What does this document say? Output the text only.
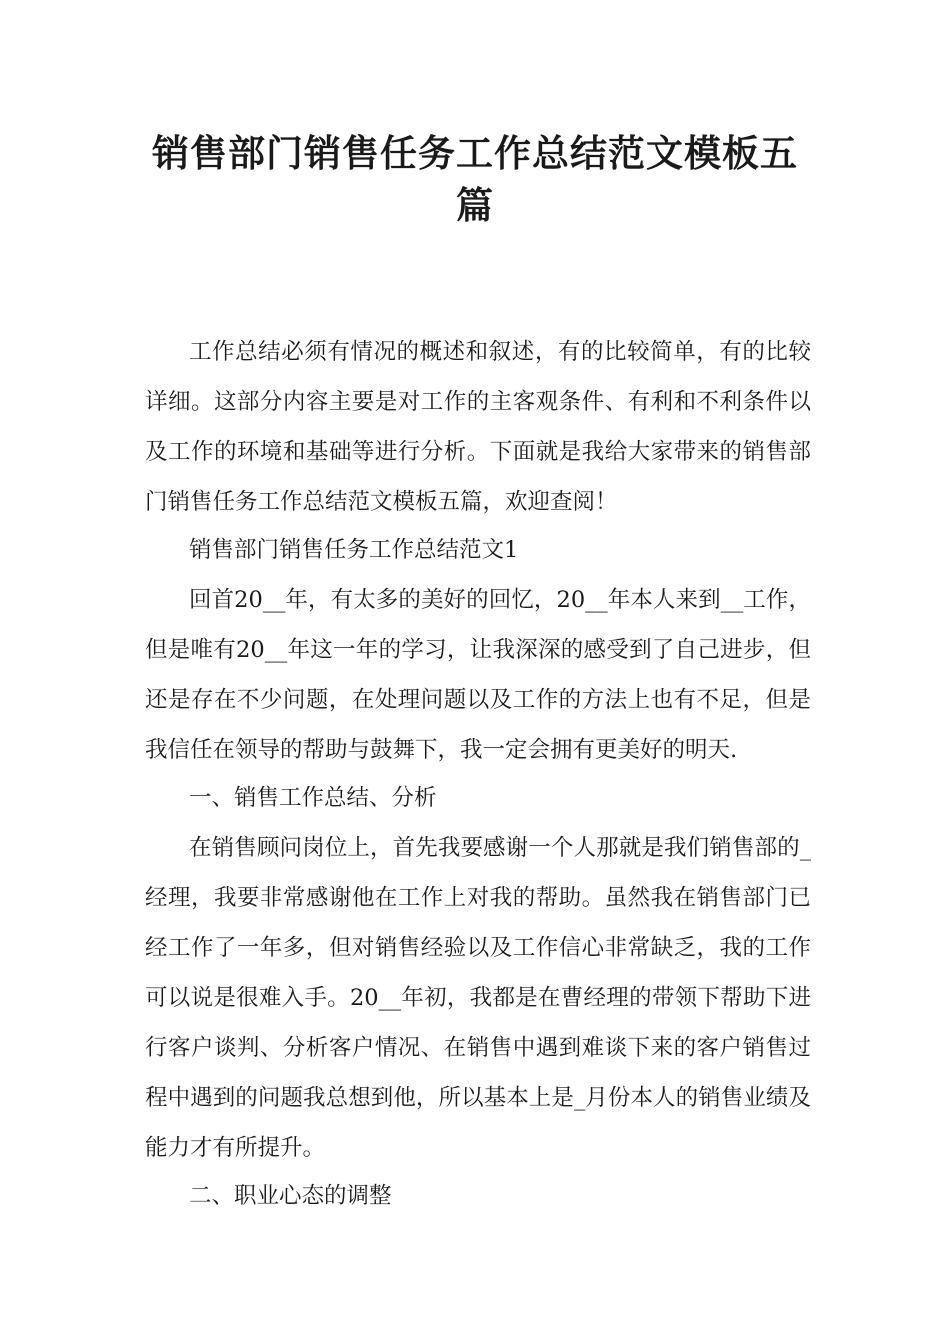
销售部门销售任务工作总结范文模板五
篇
工作总结必须有情况的概述和叙述，有的比较简单，有的比较
详细。这部分内容主要是对工作的主客观条件、有利和不利条件以
及工作的环境和基础等进行分析。下面就是我给大家带来的销售部
门销售任务工作总结范文模板五篇，欢迎查阅！
销售部门销售任务工作总结范文1
回首20__年，有太多的美好的回忆，20__年本人来到__工作，
但是唯有20__年这一年的学习，让我深深的感受到了自己进步，但
还是存在不少问题，在处理问题以及工作的方法上也有不足，但是
我信任在领导的帮助与鼓舞下，我一定会拥有更美好的明天.
一、销售工作总结、分析
在销售顾问岗位上，首先我要感谢一个人那就是我们销售部的_
经理，我要非常感谢他在工作上对我的帮助。虽然我在销售部门已
经工作了一年多，但对销售经验以及工作信心非常缺乏，我的工作
可以说是很难入手。20__年初，我都是在曹经理的带领下帮助下进
行客户谈判、分析客户情况、在销售中遇到难谈下来的客户销售过
程中遇到的问题我总想到他，所以基本上是_月份本人的销售业绩及
能力才有所提升。
二、职业心态的调整
